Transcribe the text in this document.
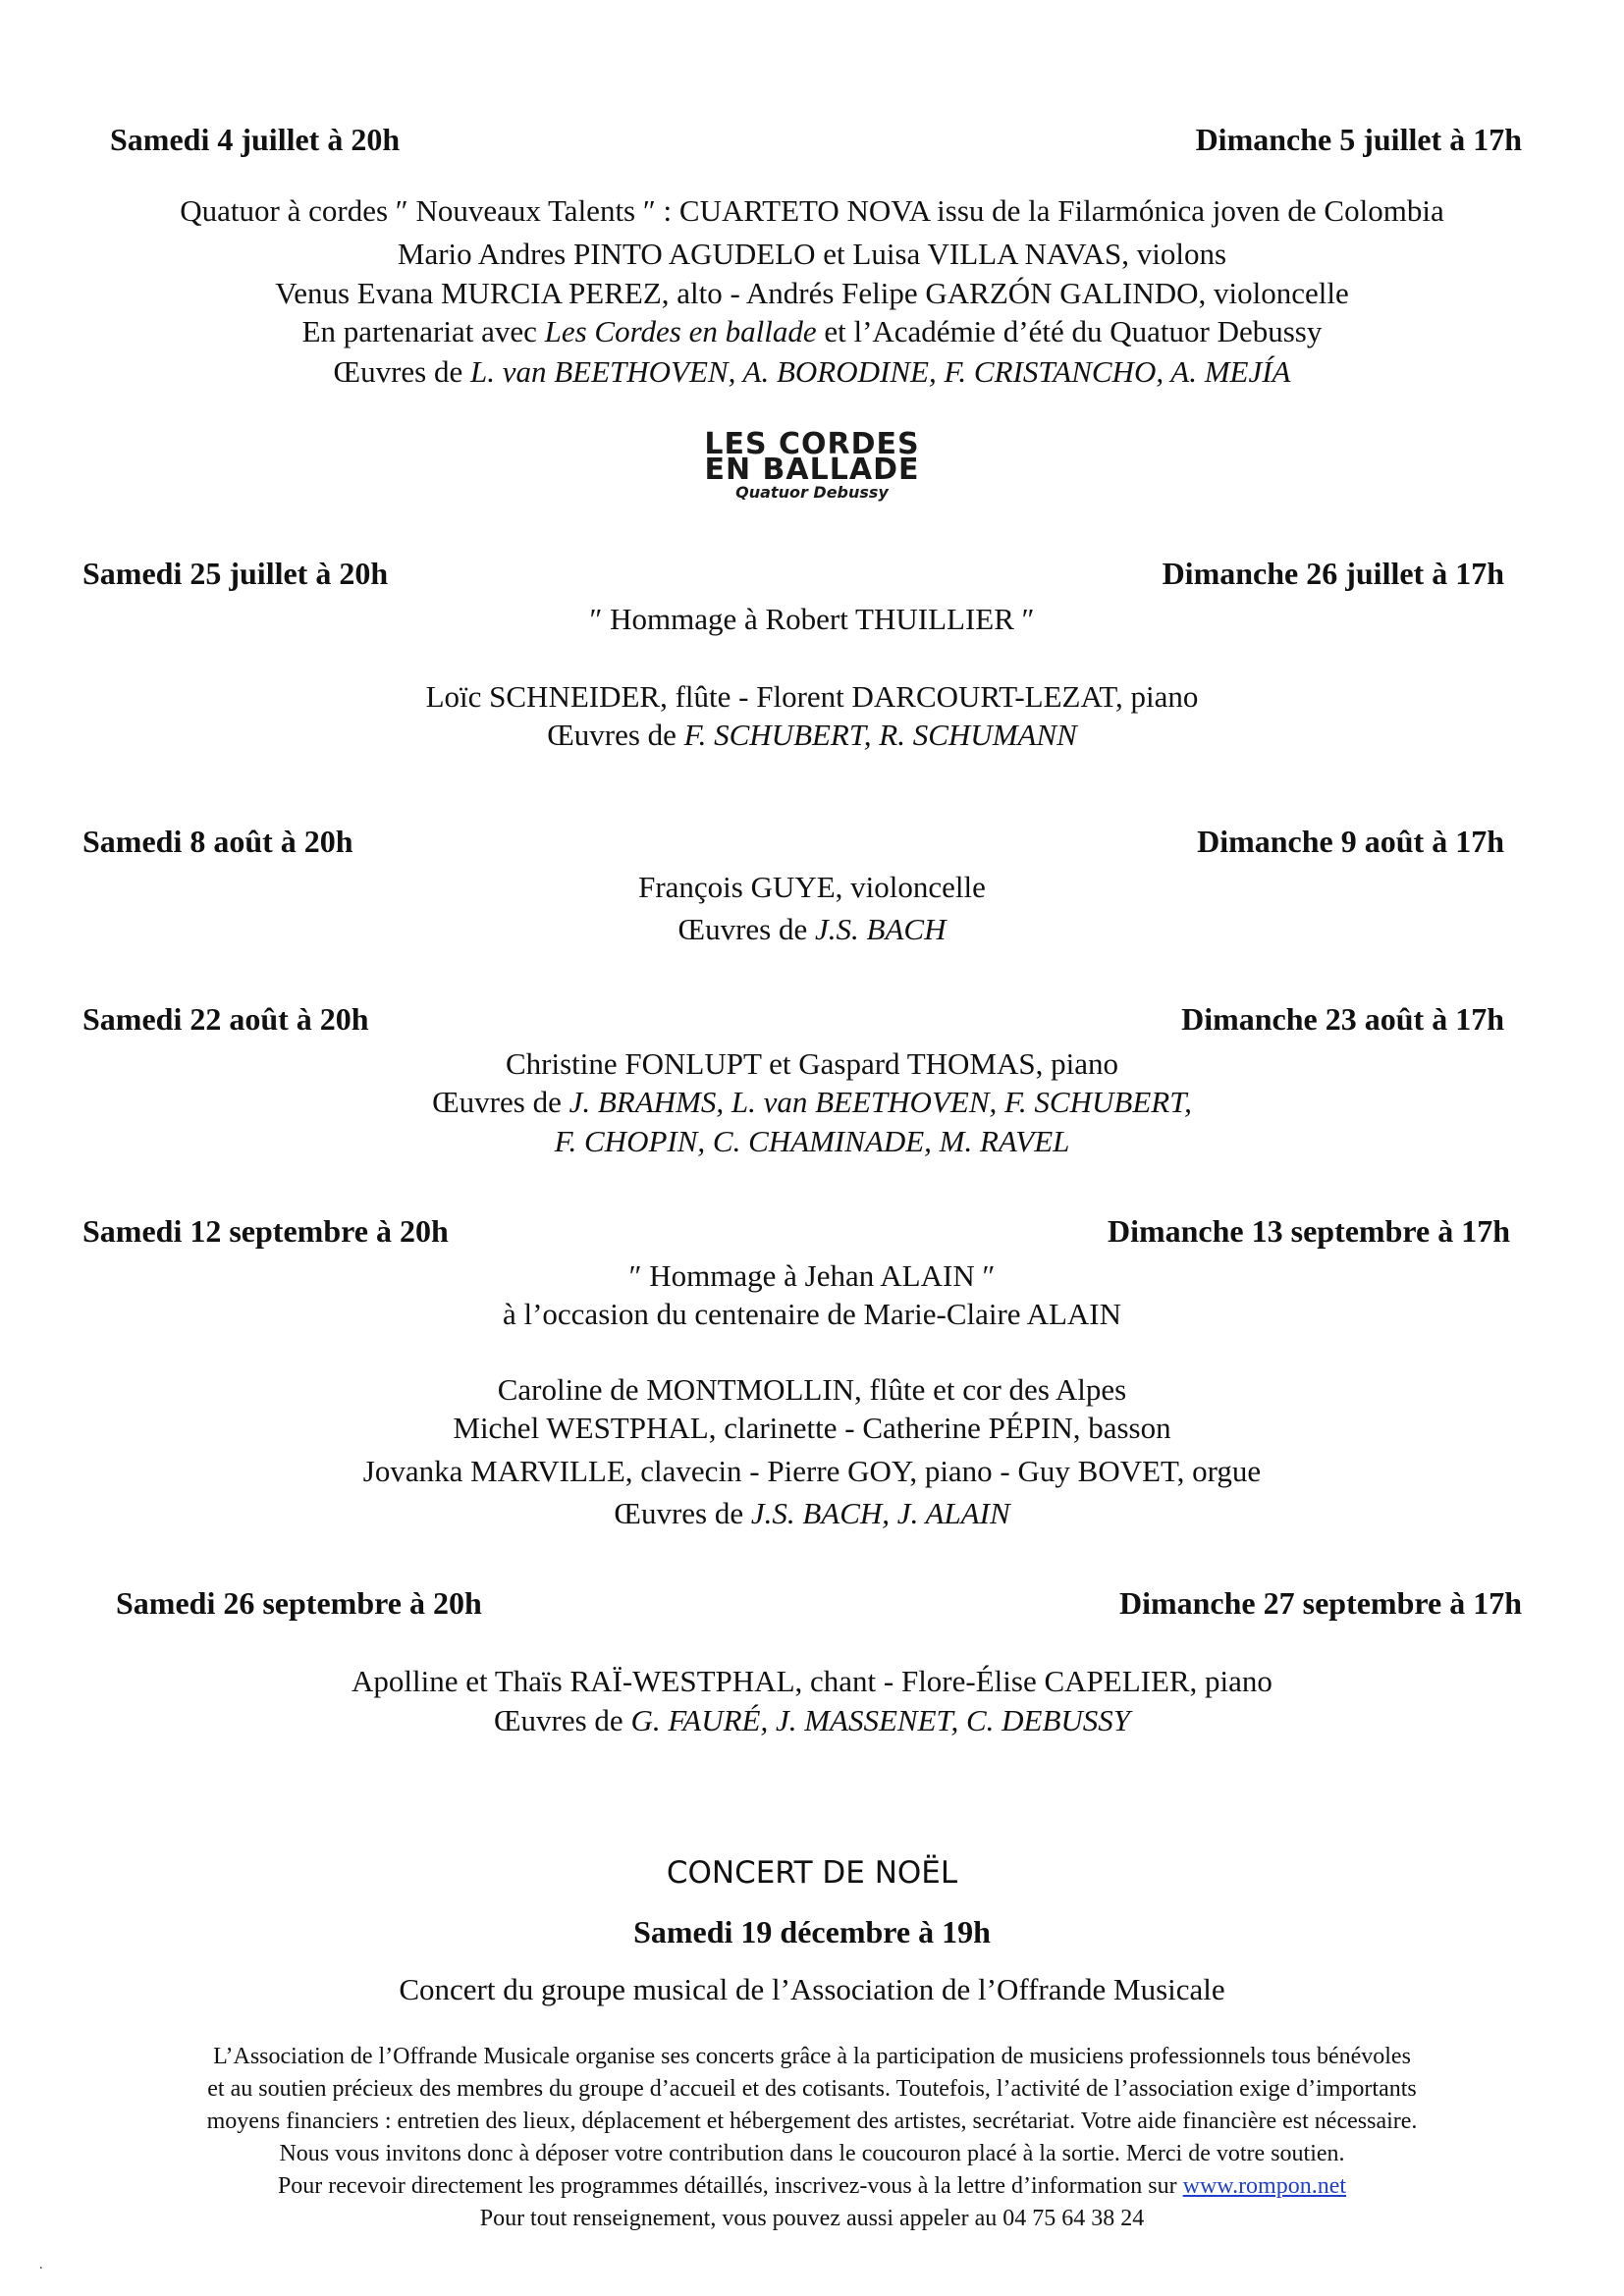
Samedi 4 juillet à 20h	Dimanche 5 juillet à 17h
Quatuor à cordes ″ Nouveaux Talents ″ : CUARTETO NOVA issu de la Filarmónica joven de Colombia
Mario Andres PINTO AGUDELO et Luisa VILLA NAVAS, violons
Venus Evana MURCIA PEREZ, alto - Andrés Felipe GARZÓN GALINDO, violoncelle
En partenariat avec Les Cordes en ballade et l’Académie d’été du Quatuor Debussy
Œuvres de L. van BEETHOVEN, A. BORODINE, F. CRISTANCHO, A. MEJÍA
LES CORDES
EN BALLADE
Quatuor Debussy
Samedi 25 juillet à 20h	Dimanche 26 juillet à 17h
″ Hommage à Robert THUILLIER ″
Loïc SCHNEIDER, flûte - Florent DARCOURT-LEZAT, piano
Œuvres de F. SCHUBERT, R. SCHUMANN
Samedi 8 août à 20h	Dimanche 9 août à 17h
François GUYE, violoncelle
Œuvres de J.S. BACH
Samedi 22 août à 20h	Dimanche 23 août à 17h
Christine FONLUPT et Gaspard THOMAS, piano
Œuvres de J. BRAHMS, L. van BEETHOVEN, F. SCHUBERT,
F. CHOPIN, C. CHAMINADE, M. RAVEL
Samedi 12 septembre à 20h	Dimanche 13 septembre à 17h
″ Hommage à Jehan ALAIN ″
à l’occasion du centenaire de Marie-Claire ALAIN
Caroline de MONTMOLLIN, flûte et cor des Alpes
Michel WESTPHAL, clarinette - Catherine PÉPIN, basson
Jovanka MARVILLE, clavecin - Pierre GOY, piano - Guy BOVET, orgue
Œuvres de J.S. BACH, J. ALAIN
Samedi 26 septembre à 20h	Dimanche 27 septembre à 17h
Apolline et Thaïs RAÏ-WESTPHAL, chant - Flore-Élise CAPELIER, piano
Œuvres de G. FAURÉ, J. MASSENET, C. DEBUSSY
CONCERT DE NOËL
Samedi 19 décembre à 19h
Concert du groupe musical de l’Association de l’Offrande Musicale
L’Association de l’Offrande Musicale organise ses concerts grâce à la participation de musiciens professionnels tous bénévoles
et au soutien précieux des membres du groupe d’accueil et des cotisants. Toutefois, l’activité de l’association exige d’importants
moyens financiers : entretien des lieux, déplacement et hébergement des artistes, secrétariat. Votre aide financière est nécessaire.
Nous vous invitons donc à déposer votre contribution dans le coucouron placé à la sortie. Merci de votre soutien.
Pour recevoir directement les programmes détaillés, inscrivez-vous à la lettre d’information sur www.rompon.net
Pour tout renseignement, vous pouvez aussi appeler au 04 75 64 38 24
.
